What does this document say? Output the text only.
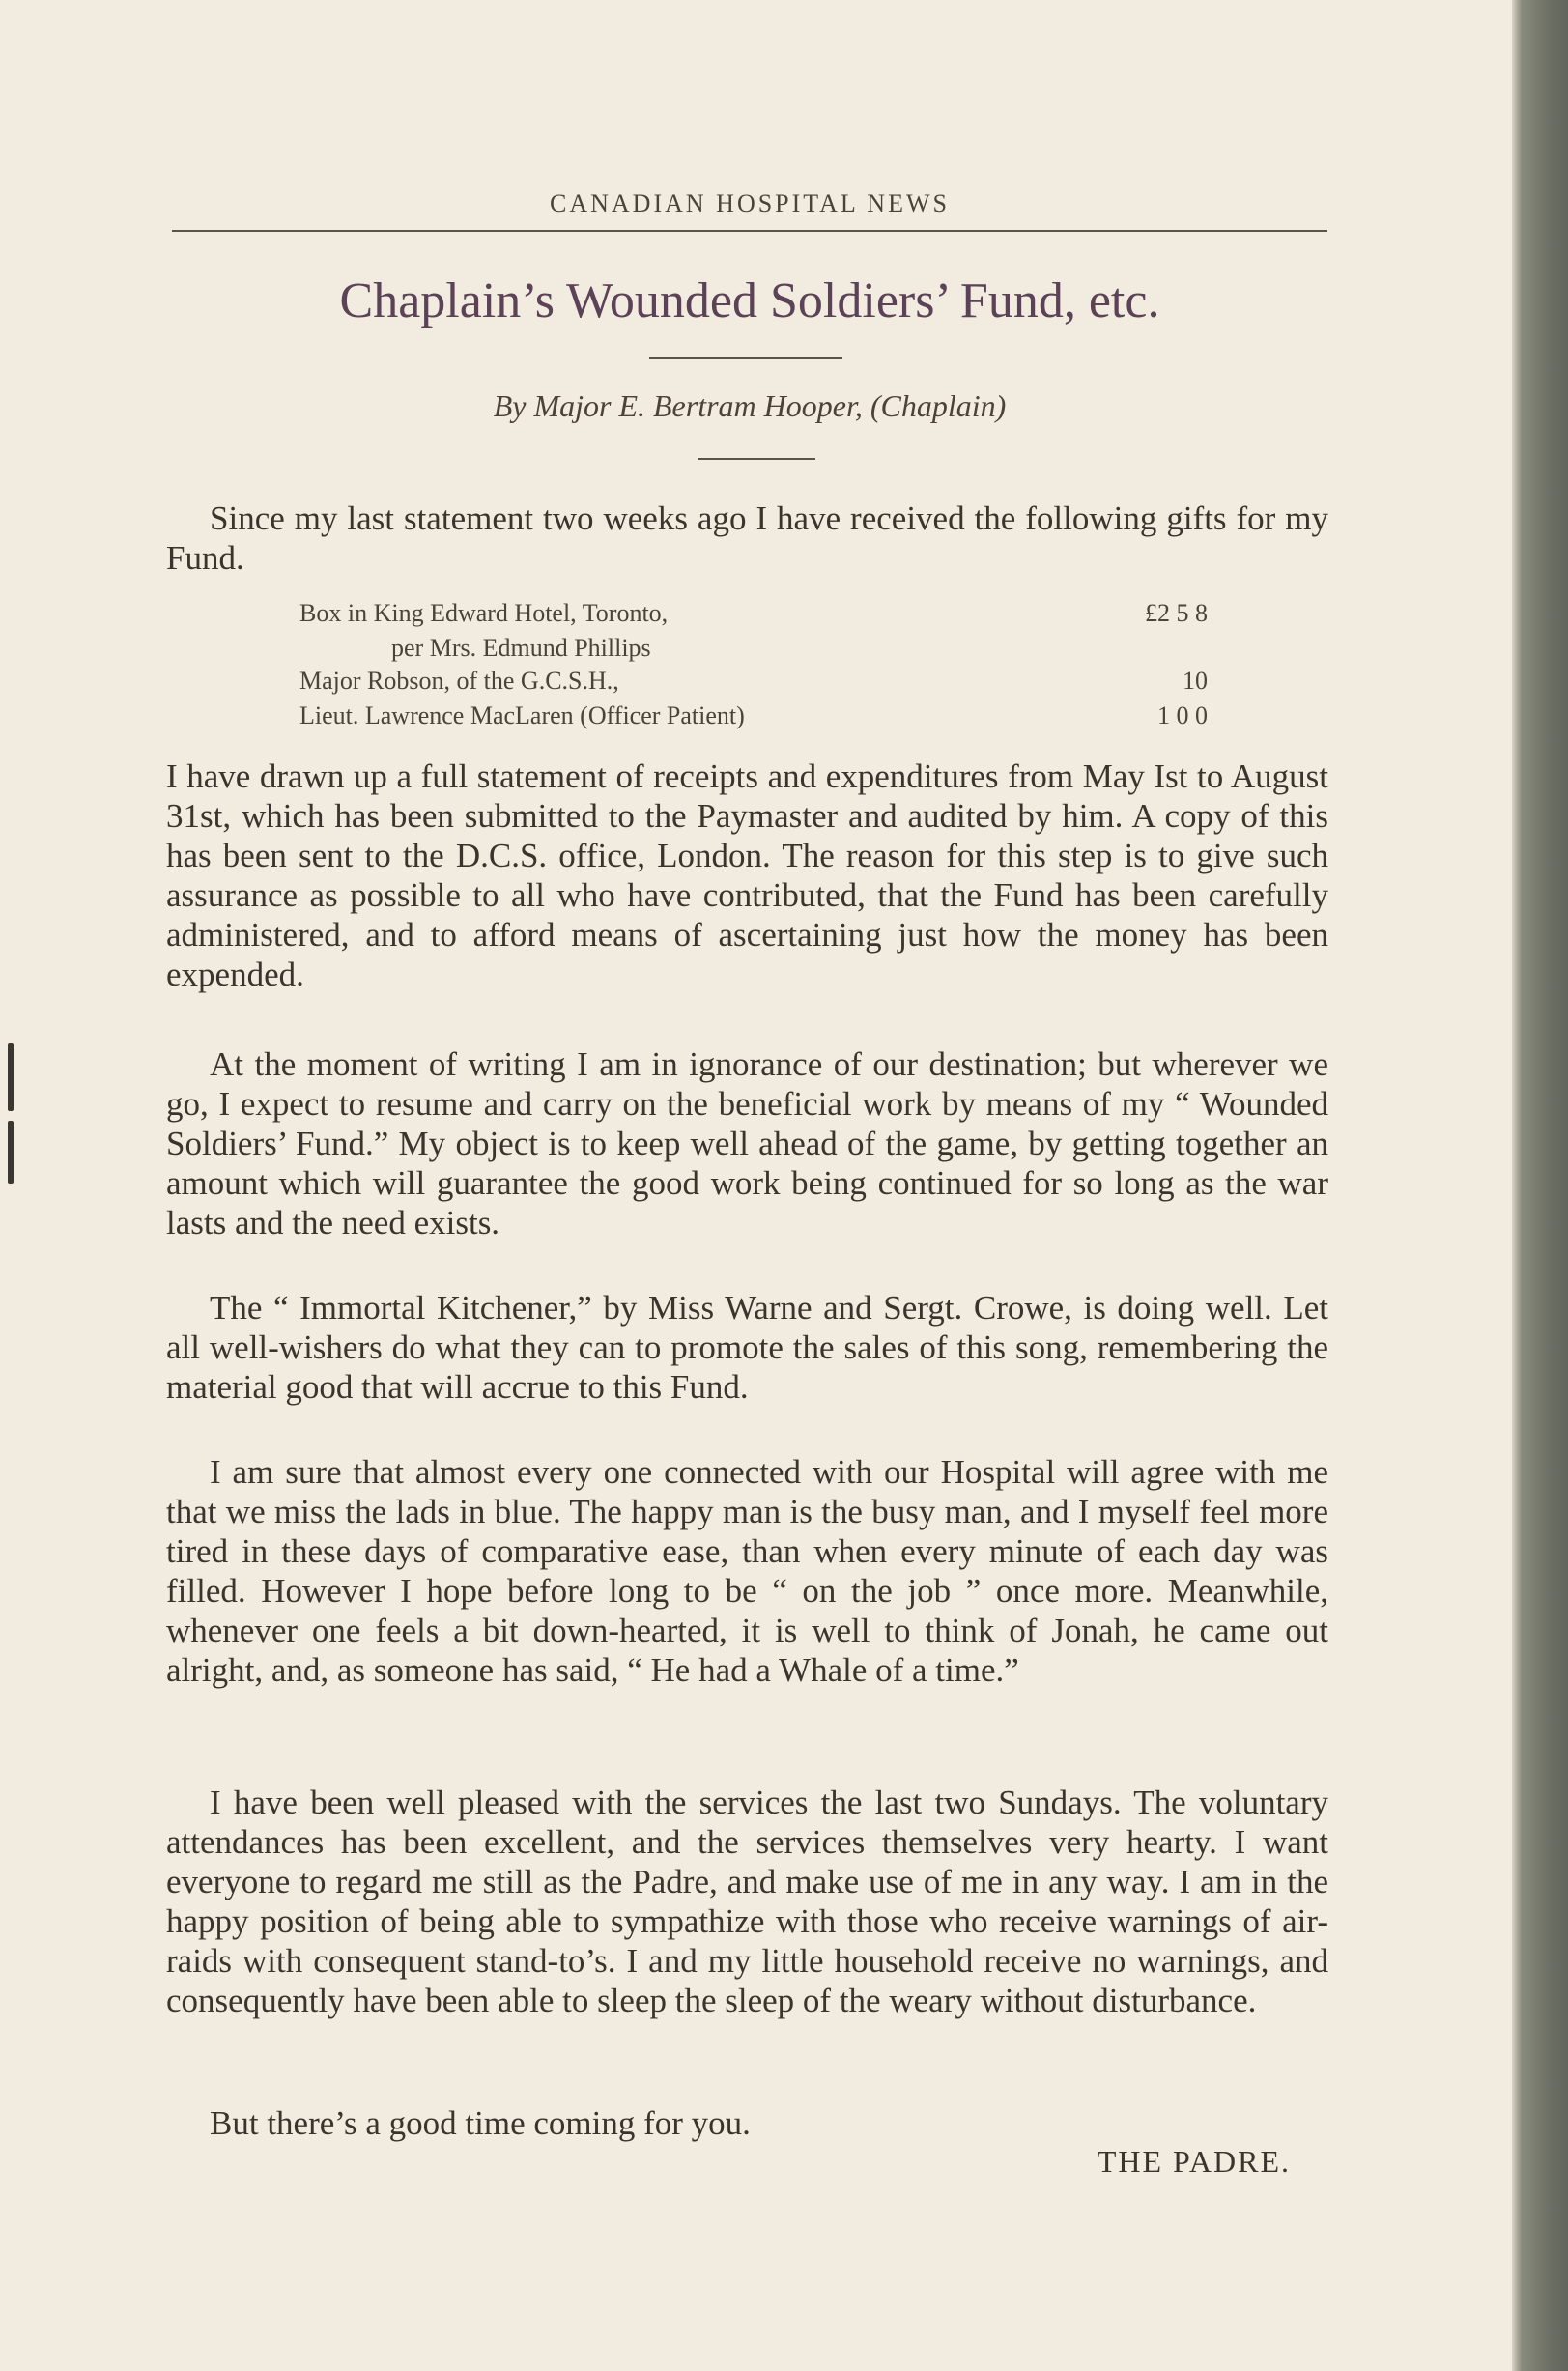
CANADIAN HOSPITAL NEWS
Chaplain’s Wounded Soldiers’ Fund, etc.
By Major E. Bertram Hooper, (Chaplain)
Since my last statement two weeks ago I have received the following gifts for my Fund.
Box in King Edward Hotel, Toronto,	£2 5 8
per Mrs. Edmund Phillips
Major Robson, of the G.C.S.H.,	10
Lieut. Lawrence MacLaren (Officer Patient)	1 0 0
I have drawn up a full statement of receipts and expenditures from May Ist to August 31st, which has been submitted to the Paymaster and audited by him. A copy of this has been sent to the D.C.S. office, London. The reason for this step is to give such assurance as possible to all who have contributed, that the Fund has been carefully administered, and to afford means of ascertaining just how the money has been expended.
At the moment of writing I am in ignorance of our destination; but wherever we go, I expect to resume and carry on the beneficial work by means of my “ Wounded Soldiers’ Fund.” My object is to keep well ahead of the game, by getting together an amount which will guarantee the good work being continued for so long as the war lasts and the need exists.
The “ Immortal Kitchener,” by Miss Warne and Sergt. Crowe, is doing well. Let all well-wishers do what they can to promote the sales of this song, remembering the material good that will accrue to this Fund.
I am sure that almost every one connected with our Hospital will agree with me that we miss the lads in blue. The happy man is the busy man, and I myself feel more tired in these days of comparative ease, than when every minute of each day was filled. However I hope before long to be “ on the job ” once more. Meanwhile, whenever one feels a bit down-hearted, it is well to think of Jonah, he came out alright, and, as someone has said, “ He had a Whale of a time.”
I have been well pleased with the services the last two Sundays. The voluntary attendances has been excellent, and the services themselves very hearty. I want everyone to regard me still as the Padre, and make use of me in any way. I am in the happy position of being able to sympathize with those who receive warnings of air-raids with consequent stand-to’s. I and my little household receive no warnings, and consequently have been able to sleep the sleep of the weary without disturbance.
But there’s a good time coming for you.
THE PADRE.
